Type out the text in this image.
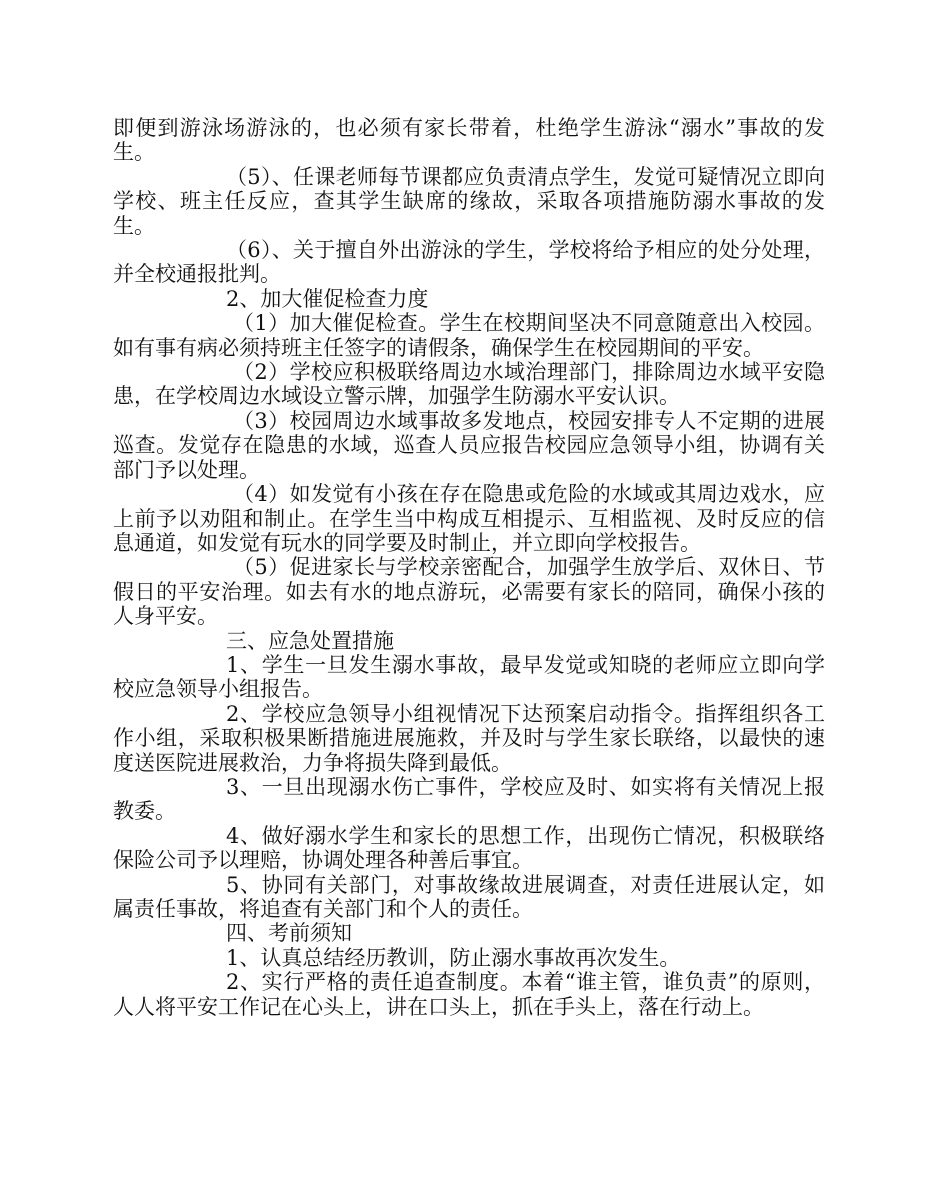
即便到游泳场游泳的，也必须有家长带着，杜绝学生游泳“溺水”事故的发生。

（5）、任课老师每节课都应负责清点学生，发觉可疑情况立即向学校、班主任反应，查其学生缺席的缘故，采取各项措施防溺水事故的发生。

（6）、关于擅自外出游泳的学生，学校将给予相应的处分处理，并全校通报批判。

2、加大催促检查力度

（1）加大催促检查。学生在校期间坚决不同意随意出入校园。如有事有病必须持班主任签字的请假条，确保学生在校园期间的平安。

（2）学校应积极联络周边水域治理部门，排除周边水域平安隐患，在学校周边水域设立警示牌，加强学生防溺水平安认识。

（3）校园周边水域事故多发地点，校园安排专人不定期的进展巡查。发觉存在隐患的水域，巡查人员应报告校园应急领导小组，协调有关部门予以处理。

（4）如发觉有小孩在存在隐患或危险的水域或其周边戏水，应上前予以劝阻和制止。在学生当中构成互相提示、互相监视、及时反应的信息通道，如发觉有玩水的同学要及时制止，并立即向学校报告。

（5）促进家长与学校亲密配合，加强学生放学后、双休日、节假日的平安治理。如去有水的地点游玩，必需要有家长的陪同，确保小孩的人身平安。

三、应急处置措施

1、学生一旦发生溺水事故，最早发觉或知晓的老师应立即向学校应急领导小组报告。

2、学校应急领导小组视情况下达预案启动指令。指挥组织各工作小组，采取积极果断措施进展施救，并及时与学生家长联络，以最快的速度送医院进展救治，力争将损失降到最低。

3、一旦出现溺水伤亡事件，学校应及时、如实将有关情况上报教委。

4、做好溺水学生和家长的思想工作，出现伤亡情况，积极联络保险公司予以理赔，协调处理各种善后事宜。

5、协同有关部门，对事故缘故进展调查，对责任进展认定，如属责任事故，将追查有关部门和个人的责任。

四、考前须知

1、认真总结经历教训，防止溺水事故再次发生。

2、实行严格的责任追查制度。本着“谁主管，谁负责”的原则，人人将平安工作记在心头上，讲在口头上，抓在手头上，落在行动上。
